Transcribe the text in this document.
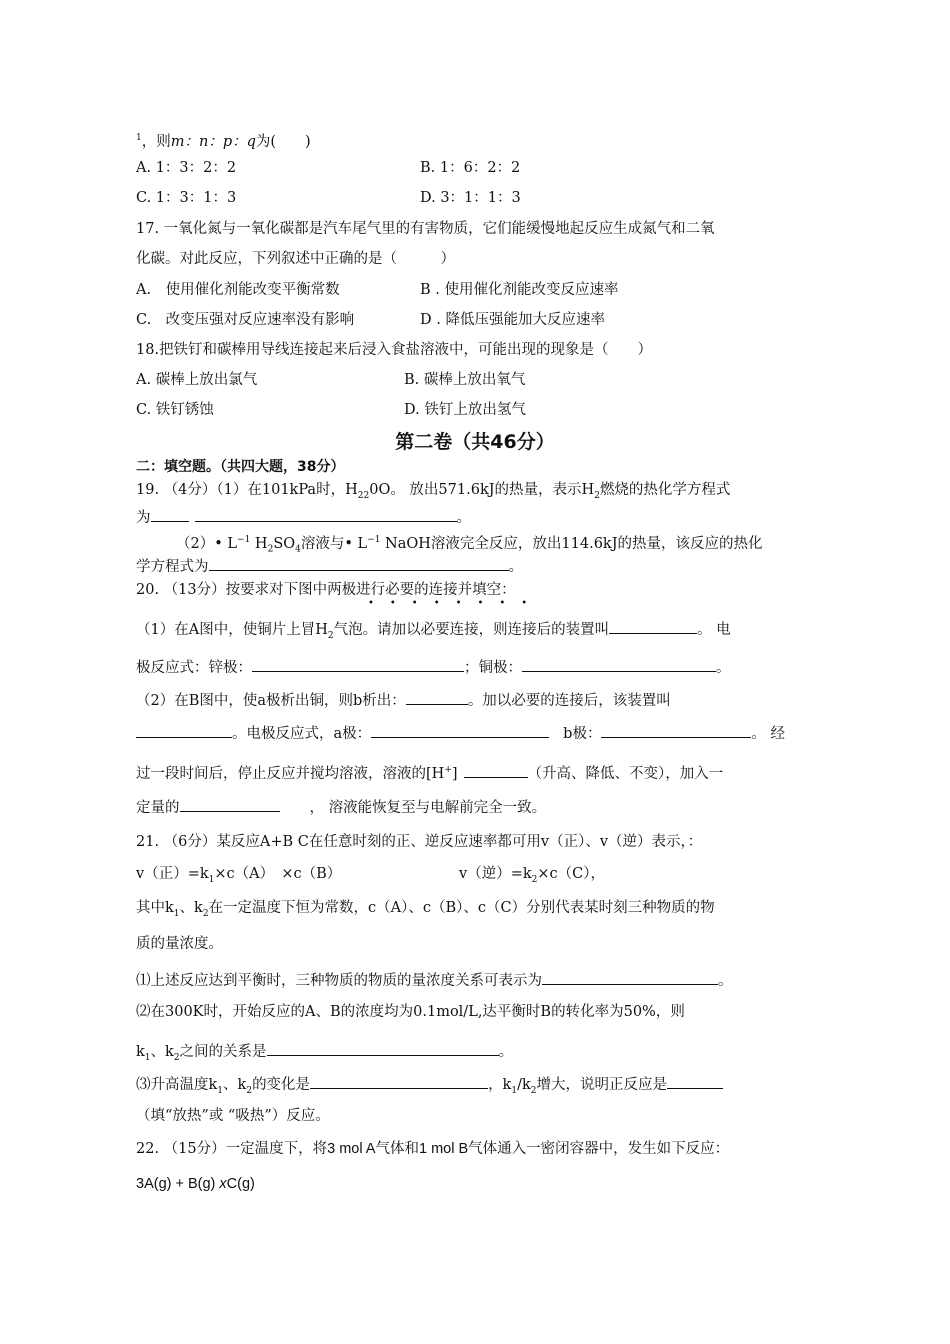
$^1$，则m：n：p：q为(　　)
A. 1：3：2：2	B. 1：6：2：2
C. 1：3：1：3	D. 3：1：1：3
17. 一氧化氮与一氧化碳都是汽车尾气里的有害物质，它们能缓慢地起反应生成氮气和二氧
化碳。对此反应，下列叙述中正确的是（　　　）
A.　使用催化剂能改变平衡常数	B . 使用催化剂能改变反应速率
C.　改变压强对反应速率没有影响	D . 降低压强能加大反应速率
18.把铁钉和碳棒用导线连接起来后浸入食盐溶液中，可能出现的现象是（　　）
A. 碳棒上放出氯气	B. 碳棒上放出氧气
C. 铁钉锈蚀	D. 铁钉上放出氢气
第二卷（共46分）
二：填空题。（共四大题，38分）
19. （4分）（1）在101kPa时，$H_{22}0O$。 放出571.6kJ的热量，表示$H_2$燃烧的热化学方程式
为	。
（2）• $L^{-1}$ $H_2SO_4$溶液与• $L^{-1}$ NaOH溶液完全反应，放出114.6kJ的热量，该反应的热化
学方程式为	。
20. （13分）按要求对下图中两极进行必要的连接并填空：
••••••••
（1）在A图中，使铜片上冒$H_2$气泡。请加以必要连接，则连接后的装置叫	。 电
极反应式：锌极：	；铜极：	。
（2）在B图中，使a极析出铜，则b析出：	。加以必要的连接后，该装置叫
。电极反应式，a极：	b极：	。 经
过一段时间后，停止反应并搅均溶液，溶液的[H+]	（升高、降低、不变），加入一
定量的	， 溶液能恢复至与电解前完全一致。
21. （6分）某反应A+B C在任意时刻的正、逆反应速率都可用v（正）、v（逆）表示，：
v（正）$=k_1\times c(A)$　×c（B）	v（逆）$=k_2\times c(C)$，
其中$k_1$、$k_2$在一定温度下恒为常数，c（A）、c（B）、c（C）分别代表某时刻三种物质的物
质的量浓度。
⑴上述反应达到平衡时，三种物质的物质的量浓度关系可表示为	。
⑵在300K时，开始反应的A、B的浓度均为0.1mol/L,达平衡时B的转化率为50%，则
$k_1$、$k_2$之间的关系是	。
⑶升高温度$k_1$、$k_2$的变化是	，$k_1/k_2$增大，说明正反应是
（填“放热”或 “吸热”）反应。
22. （15分）一定温度下，将3 mol A气体和1 mol B气体通入一密闭容器中，发生如下反应：
3A(g) + B(g) xC(g)
